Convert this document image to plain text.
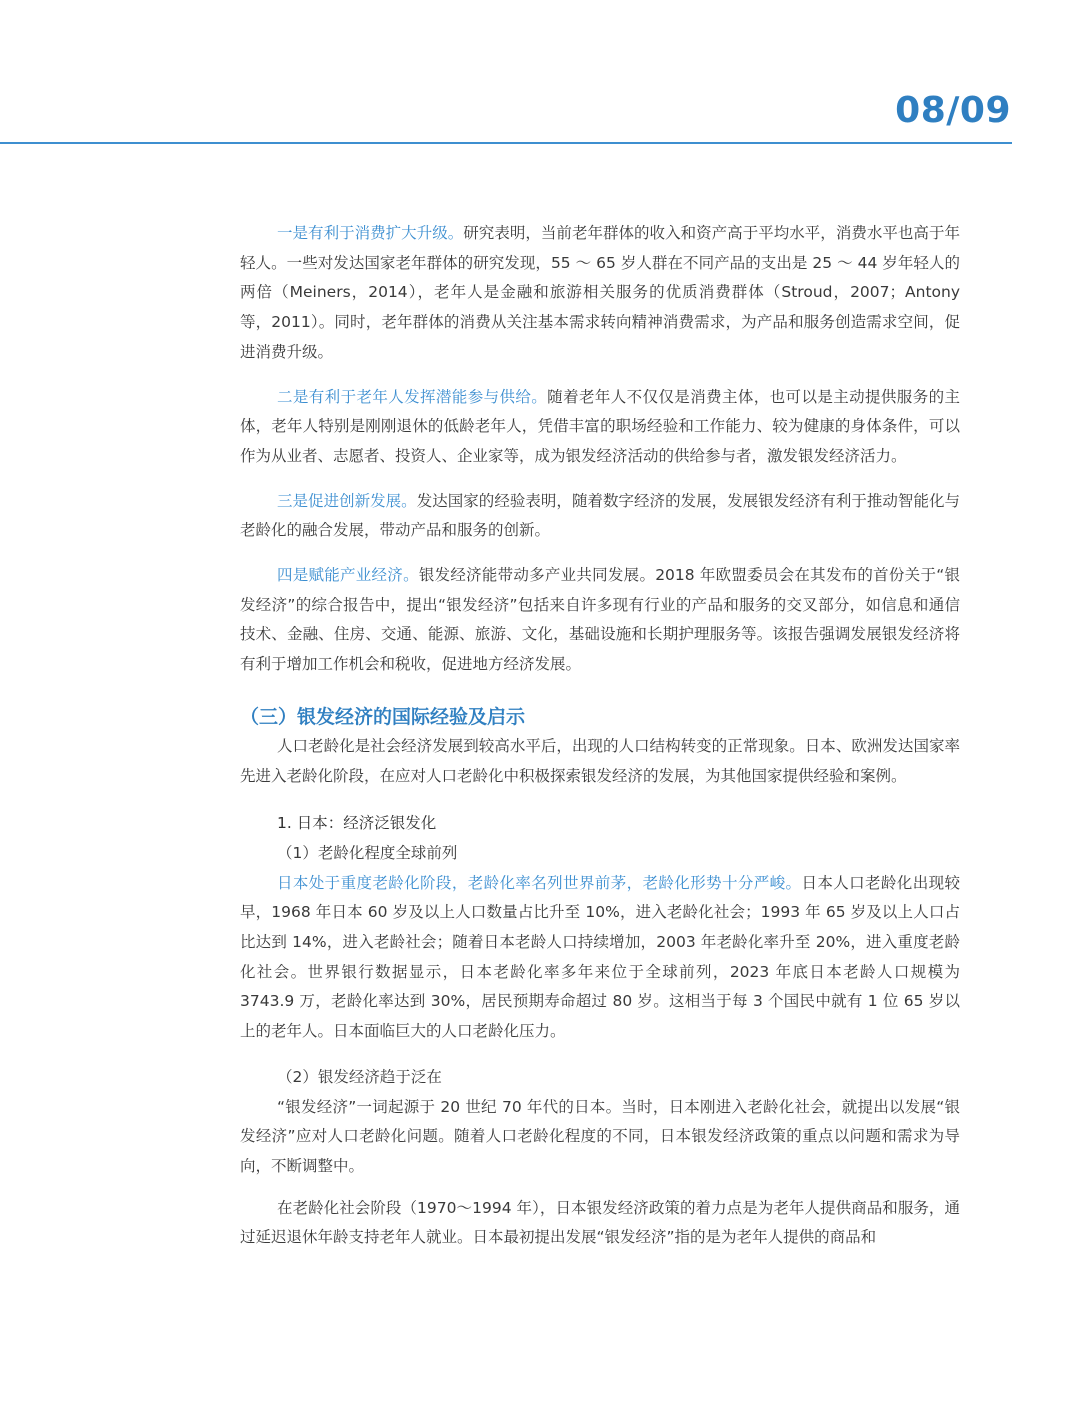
08/09

一是有利于消费扩大升级。研究表明，当前老年群体的收入和资产高于平均水平，消费水平也高于年轻人。一些对发达国家老年群体的研究发现，55 ～ 65 岁人群在不同产品的支出是 25 ～ 44 岁年轻人的两倍（Meiners，2014），老年人是金融和旅游相关服务的优质消费群体（Stroud，2007；Antony 等，2011）。同时，老年群体的消费从关注基本需求转向精神消费需求，为产品和服务创造需求空间，促进消费升级。

二是有利于老年人发挥潜能参与供给。随着老年人不仅仅是消费主体，也可以是主动提供服务的主体，老年人特别是刚刚退休的低龄老年人，凭借丰富的职场经验和工作能力、较为健康的身体条件，可以作为从业者、志愿者、投资人、企业家等，成为银发经济活动的供给参与者，激发银发经济活力。

三是促进创新发展。发达国家的经验表明，随着数字经济的发展，发展银发经济有利于推动智能化与老龄化的融合发展，带动产品和服务的创新。

四是赋能产业经济。银发经济能带动多产业共同发展。2018 年欧盟委员会在其发布的首份关于“银发经济”的综合报告中，提出“银发经济”包括来自许多现有行业的产品和服务的交叉部分，如信息和通信技术、金融、住房、交通、能源、旅游、文化，基础设施和长期护理服务等。该报告强调发展银发经济将有利于增加工作机会和税收，促进地方经济发展。

（三）银发经济的国际经验及启示

人口老龄化是社会经济发展到较高水平后，出现的人口结构转变的正常现象。日本、欧洲发达国家率先进入老龄化阶段，在应对人口老龄化中积极探索银发经济的发展，为其他国家提供经验和案例。

1. 日本：经济泛银发化
（1）老龄化程度全球前列

日本处于重度老龄化阶段，老龄化率名列世界前茅，老龄化形势十分严峻。日本人口老龄化出现较早，1968 年日本 60 岁及以上人口数量占比升至 10%，进入老龄化社会；1993 年 65 岁及以上人口占比达到 14%，进入老龄社会；随着日本老龄人口持续增加，2003 年老龄化率升至 20%，进入重度老龄化社会。世界银行数据显示，日本老龄化率多年来位于全球前列，2023 年底日本老龄人口规模为 3743.9 万，老龄化率达到 30%，居民预期寿命超过 80 岁。这相当于每 3 个国民中就有 1 位 65 岁以上的老年人。日本面临巨大的人口老龄化压力。

（2）银发经济趋于泛在

“银发经济”一词起源于 20 世纪 70 年代的日本。当时，日本刚进入老龄化社会，就提出以发展“银发经济”应对人口老龄化问题。随着人口老龄化程度的不同，日本银发经济政策的重点以问题和需求为导向，不断调整中。

在老龄化社会阶段（1970～1994 年），日本银发经济政策的着力点是为老年人提供商品和服务，通过延迟退休年龄支持老年人就业。日本最初提出发展“银发经济”指的是为老年人提供的商品和
